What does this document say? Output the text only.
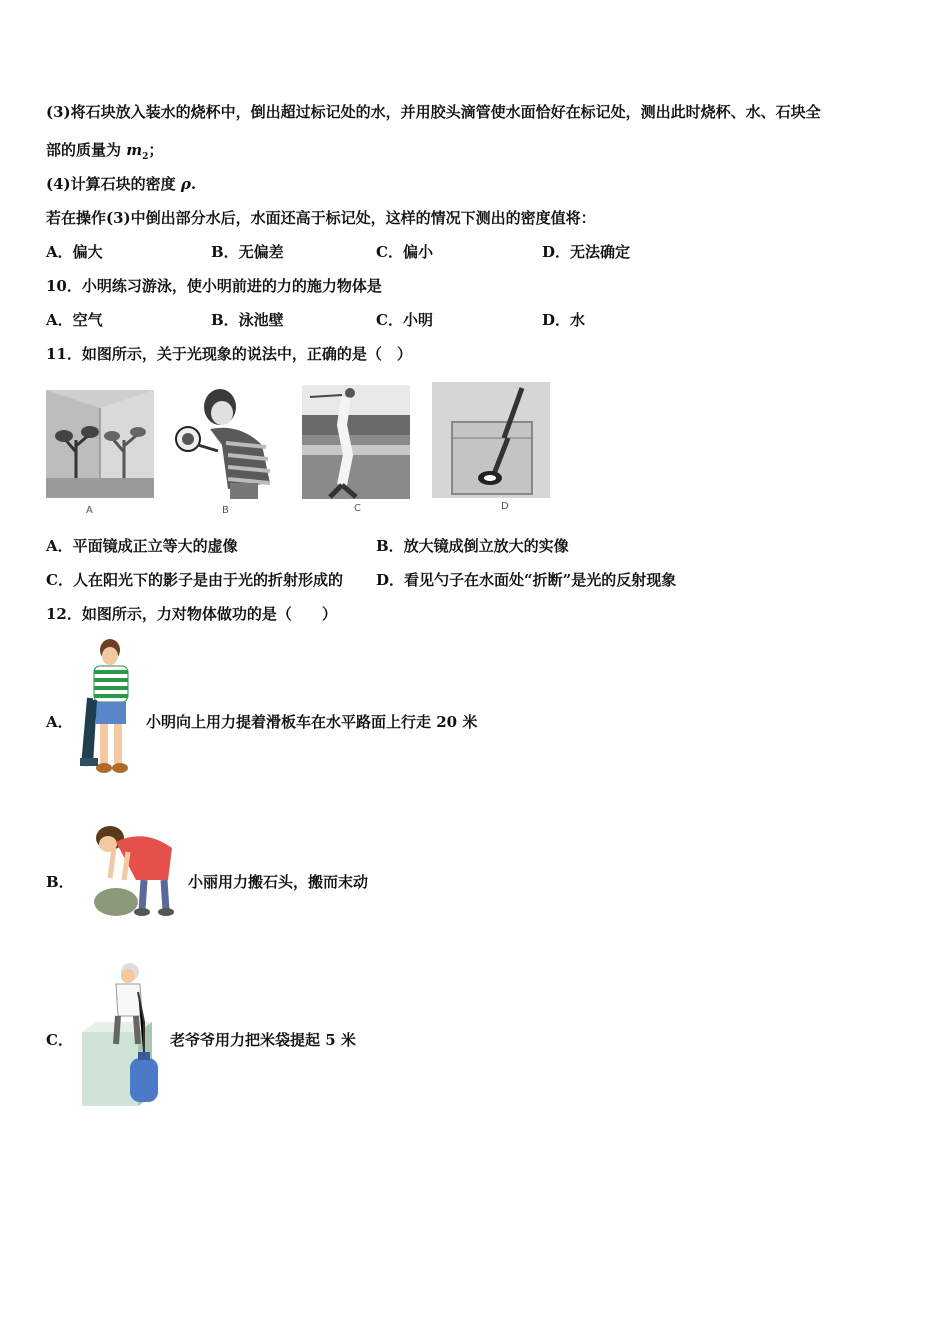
(3)将石块放入装水的烧杯中，倒出超过标记处的水，并用胶头滴管使水面恰好在标记处，测出此时烧杯、水、石块全
部的质量为 $m_2$；
(4)计算石块的密度 ρ.
若在操作(3)中倒出部分水后，水面还高于标记处，这样的情况下测出的密度值将：
A．偏大	B．无偏差	C．偏小	D．无法确定
10．小明练习游泳，使小明前进的力的施力物体是
A．空气	B．泳池壁	C．小明	D．水
11．如图所示，关于光现象的说法中，正确的是（　）
A	B	C	D
A．平面镜成正立等大的虚像	B．放大镜成倒立放大的实像
C．人在阳光下的影子是由于光的折射形成的 D．看见勺子在水面处“折断”是光的反射现象
12．如图所示，力对物体做功的是（　　）
A．	小明向上用力提着滑板车在水平路面上行走 20 米
B．	小丽用力搬石头，搬而末动
C．	老爷爷用力把米袋提起 5 米
